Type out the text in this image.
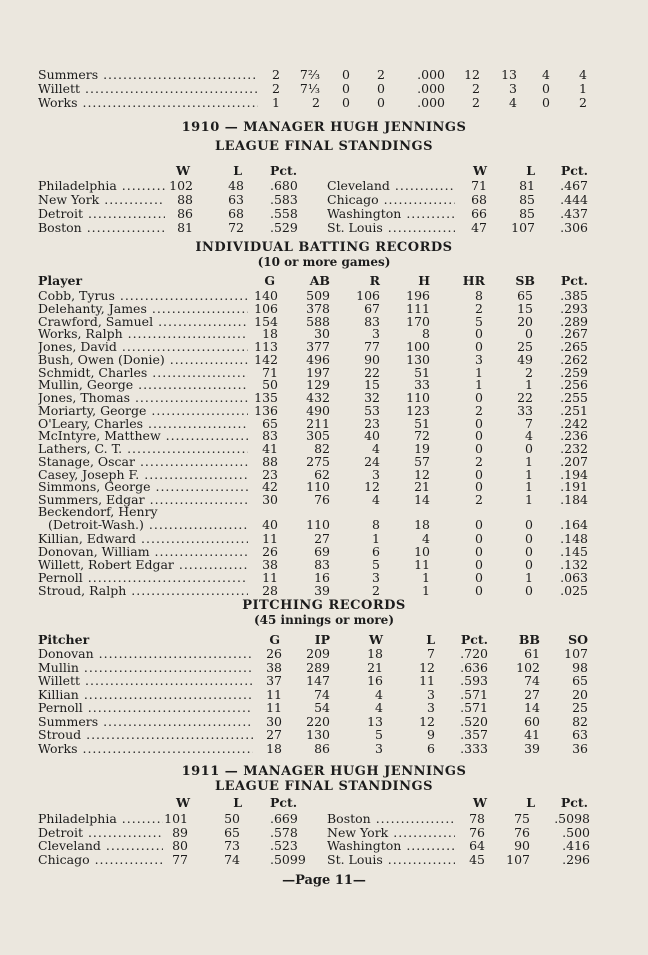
Summers .....	2	7⅔	0	2	.000	12	13	4	4
Willett .....	2	7⅓	0	0	.000	2	3	0	1
Works .....	1	2	0	0	.000	2	4	0	2
1910 — MANAGER HUGH JENNINGS
LEAGUE FINAL STANDINGS
W	L Pct.	W	L	Pct.
Philadelphia .....	102	48 .680 Cleveland .....	71	81	.467
New York .....	88	63 .583 Chicago .....	68	85	.444
Detroit .....	86	68 .558 Washington .....	66	85	.437
Boston .....	81	72 .529 St. Louis .....	47	107	.306
INDIVIDUAL BATTING RECORDS
(10 or more games)
Player	G	AB	R	H	HR	SB	Pct.
Cobb, Tyrus .....	140	509 106	196	8	65	.385
Delehanty, James .....	106	378	67	111	2	15	.293
Crawford, Samuel .....	154	588	83	170	5	20	.289
Works, Ralph .....	18	30	3	8	0	0	.267
Jones, David .....	113	377	77	100	0	25	.265
Bush, Owen (Donie) .....	142	496	90	130	3	49	.262
Schmidt, Charles .....	71	197	22	51	1	2	.259
Mullin, George .....	50	129	15	33	1	1	.256
Jones, Thomas .....	135	432	32	110	0	22	.255
Moriarty, George .....	136	490	53	123	2	33	.251
O'Leary, Charles .....	65	211	23	51	0	7	.242
McIntyre, Matthew .....	83	305	40	72	0	4	.236
Lathers, C. T. .....	41	82	4	19	0	0	.232
Stanage, Oscar .....	88	275	24	57	2	1	.207
Casey, Joseph F. .....	23	62	3	12	0	1	.194
Simmons, George .....	42	110	12	21	0	1	.191
Summers, Edgar .....	30	76	4	14	2	1	.184
Beckendorf, Henry
(Detroit-Wash.) .....	40	110	8	18	0	0	.164
Killian, Edward .....	11	27	1	4	0	0	.148
Donovan, William .....	26	69	6	10	0	0	.145
Willett, Robert Edgar .....	38	83	5	11	0	0	.132
Pernoll .....	11	16	3	1	0	1	.063
Stroud, Ralph .....	28	39	2	1	0	0	.025
PITCHING RECORDS
(45 innings or more)
Pitcher	G	IP	W	L	Pct.	BB	SO
Donovan .....	26	209	18	7	.720	61	107
Mullin .....	38	289	21	12	.636	102	98
Willett .....	37	147	16	11	.593	74	65
Killian .....	11	74	4	3	.571	27	20
Pernoll .....	11	54	4	3	.571	14	25
Summers .....	30	220	13	12	.520	60	82
Stroud .....	27	130	5	9	.357	41	63
Works .....	18	86	3	6	.333	39	36
1911 — MANAGER HUGH JENNINGS
LEAGUE FINAL STANDINGS
W	L Pct.	W	L	Pct.
Philadelphia .....	101	50 .669 Boston .....	78	75	.5098
Detroit .....	89	65 .578 New York .....	76	76	.500
Cleveland .....	80	73 .523 Washington .....	64	90	.416
Chicago .....	77	74 .5099 St. Louis .....	45	107	.296
—Page 11—
